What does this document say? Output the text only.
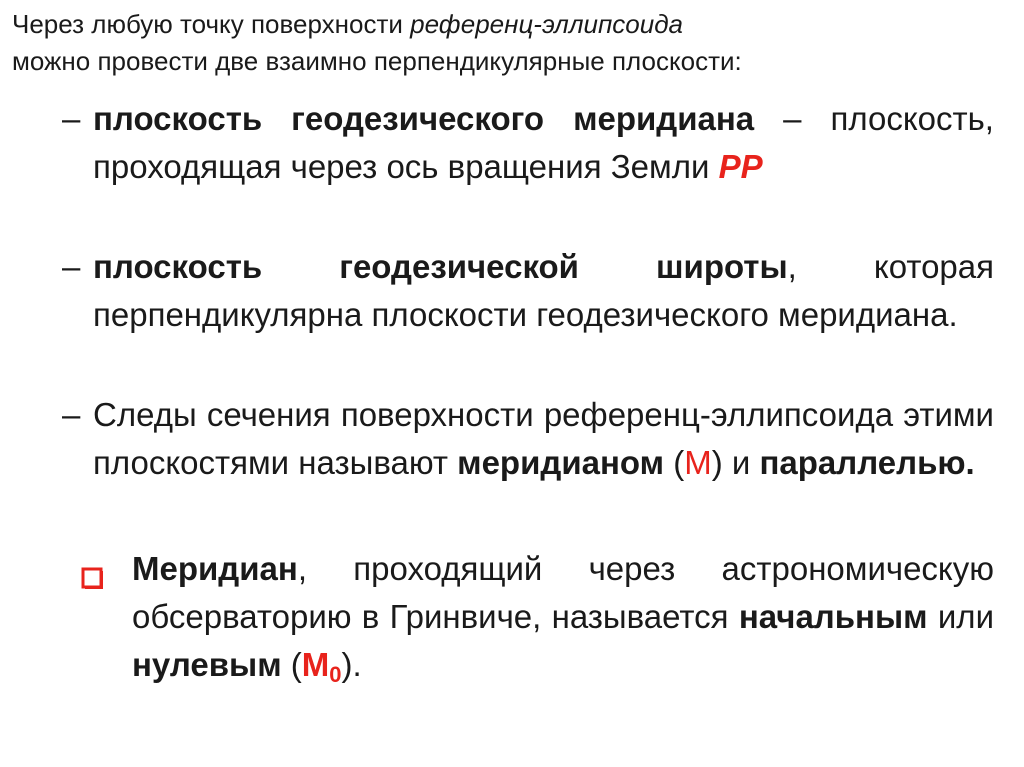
Через любую точку поверхности референц-эллипсоида
можно провести две взаимно перпендикулярные плоскости:
– плоскость геодезического меридиана – плоскость, проходящая через ось вращения Земли PP
– плоскость геодезической широты, которая перпендикулярна плоскости геодезического меридиана.
– Следы сечения поверхности референц-эллипсоида этими плоскостями называют меридианом (М) и параллелью.
Меридиан, проходящий через астрономическую обсерваторию в Гринвиче, называется начальным или нулевым $(М_0)$.
